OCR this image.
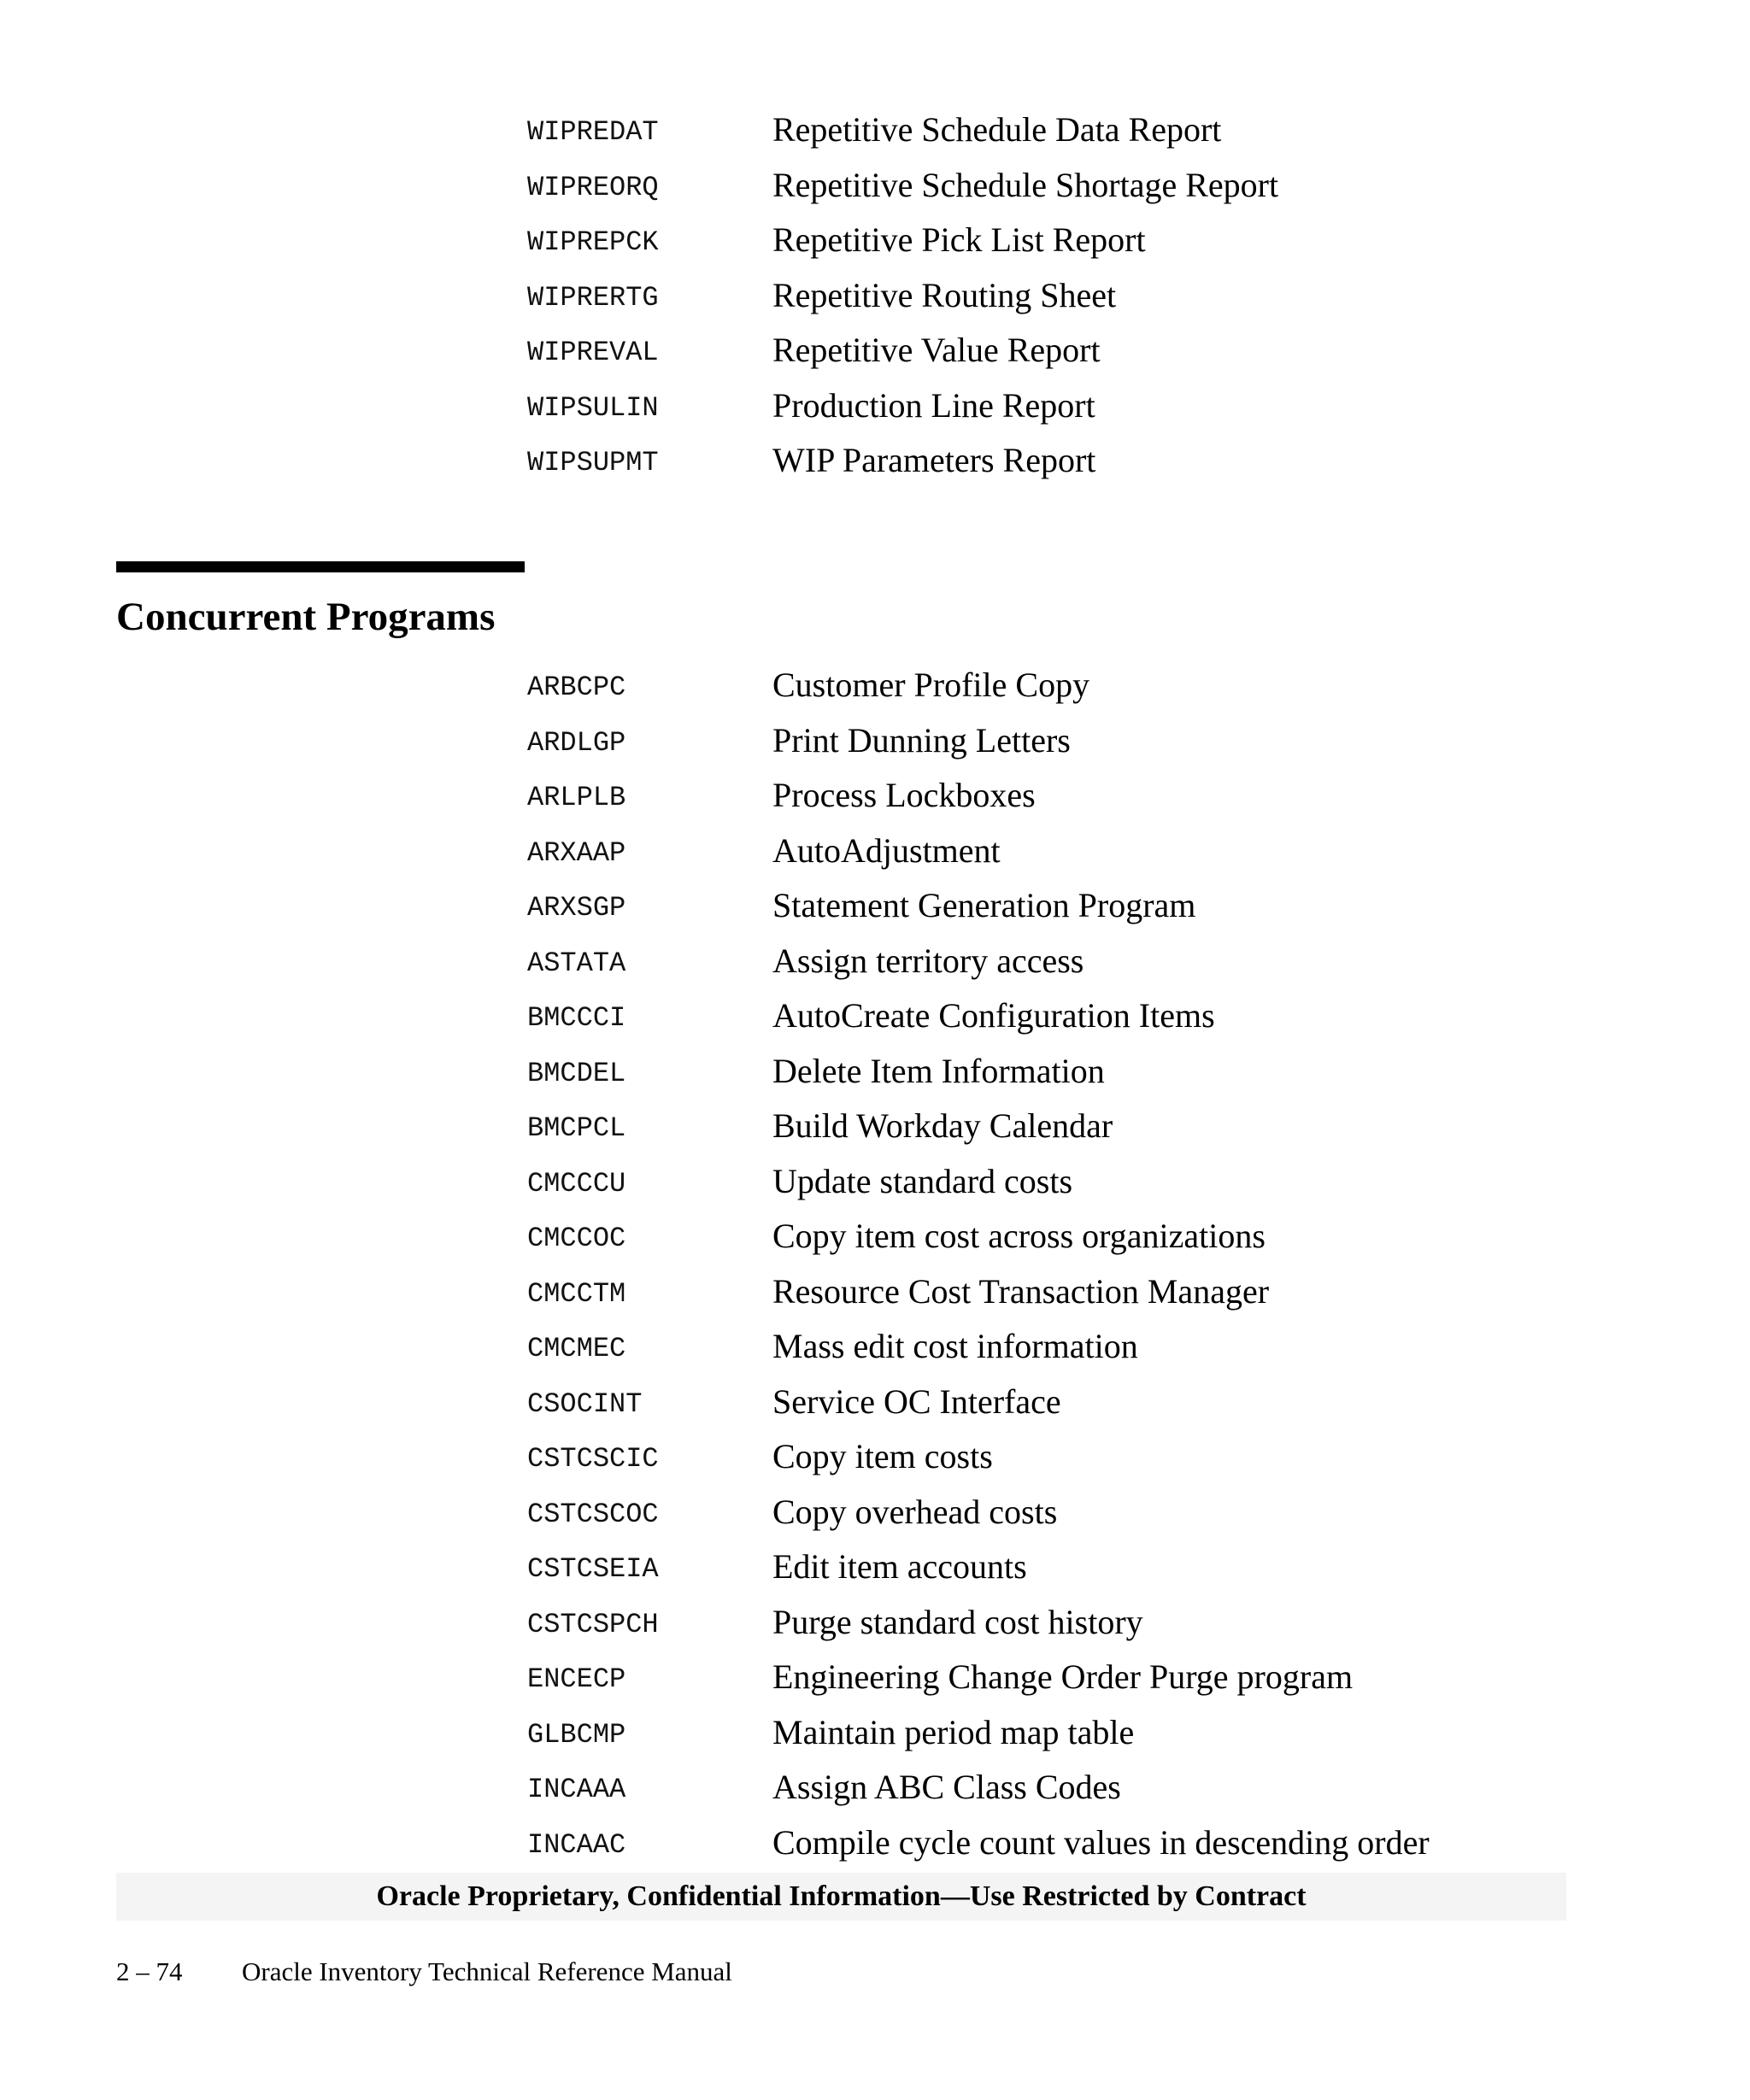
WIPREDAT	Repetitive Schedule Data Report
WIPREORQ	Repetitive Schedule Shortage Report
WIPREPCK	Repetitive Pick List Report
WIPRERTG	Repetitive Routing Sheet
WIPREVAL	Repetitive Value Report
WIPSULIN	Production Line Report
WIPSUPMT	WIP Parameters Report
Concurrent Programs
ARBCPC	Customer Profile Copy
ARDLGP	Print Dunning Letters
ARLPLB	Process Lockboxes
ARXAAP	AutoAdjustment
ARXSGP	Statement Generation Program
ASTATA	Assign territory access
BMCCCI	AutoCreate Configuration Items
BMCDEL	Delete Item Information
BMCPCL	Build Workday Calendar
CMCCCU	Update standard costs
CMCCOC	Copy item cost across organizations
CMCCTM	Resource Cost Transaction Manager
CMCMEC	Mass edit cost information
CSOCINT	Service OC Interface
CSTCSCIC	Copy item costs
CSTCSCOC	Copy overhead costs
CSTCSEIA	Edit item accounts
CSTCSPCH	Purge standard cost history
ENCECP	Engineering Change Order Purge program
GLBCMP	Maintain period map table
INCAAA	Assign ABC Class Codes
INCAAC	Compile cycle count values in descending order
Oracle Proprietary, Confidential Information––Use Restricted by Contract
2 – 74 Oracle Inventory Technical Reference Manual
